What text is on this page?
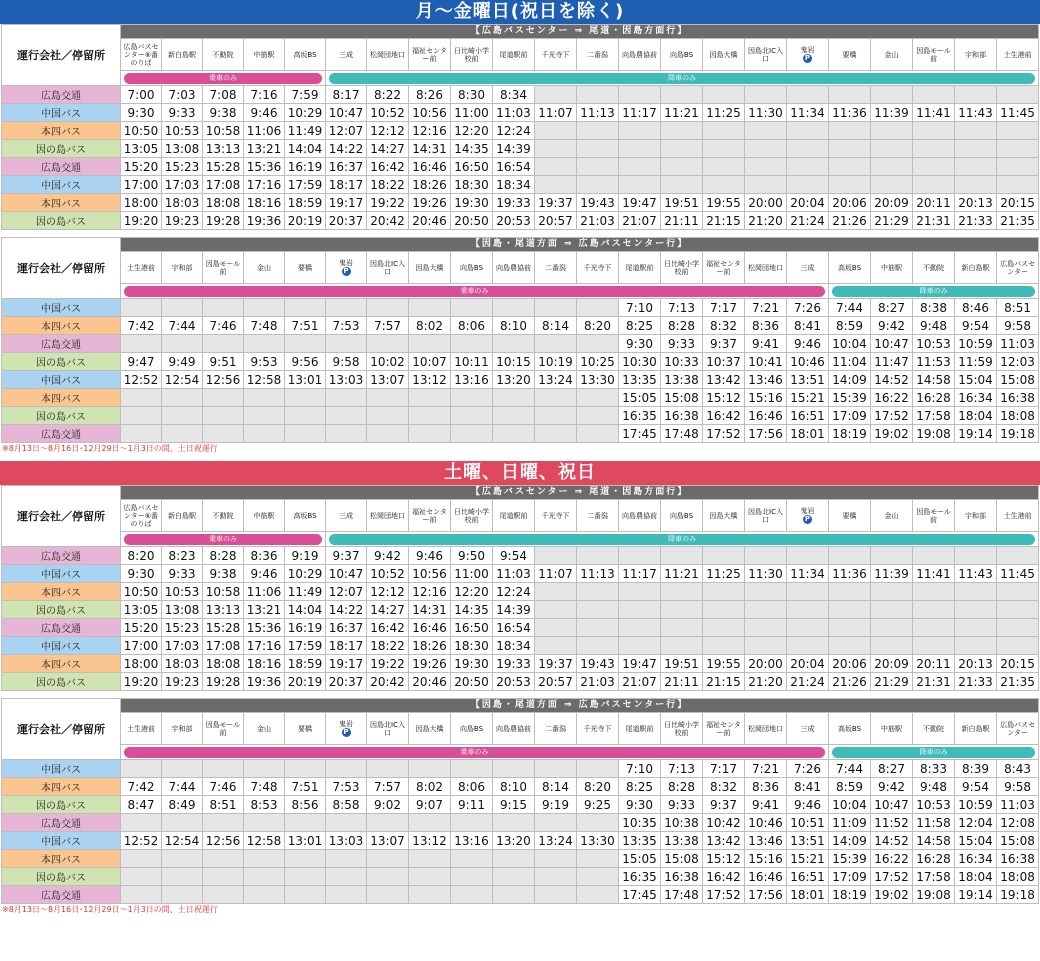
月〜金曜日(祝日を除く)
運行会社／停留所	【広島バスセンター ⇒ 尾道・因島方面行】																					
	広島バスセンター⑥番のりば	新白島駅	不動院	中筋駅	高坂BS	三成	松岡団地口	福祉センター前	日比崎小学校前	尾道駅前	千光寺下	二番潟	向島農協前	向島BS	因島大橋	因島北IC入口	鬼岩
P	要橋	金山	因島モール前	宇和部	土生港前

	乗車のみ					降車のみ																

広島交通	7:00	7:03	7:08	7:16	7:59	8:17	8:22	8:26	8:30	8:34												
中国バス	9:30	9:33	9:38	9:46	10:29	10:47	10:52	10:56	11:00	11:03	11:07	11:13	11:17	11:21	11:25	11:30	11:34	11:36	11:39	11:41	11:43	11:45
本四バス	10:50	10:53	10:58	11:06	11:49	12:07	12:12	12:16	12:20	12:24												
因の島バス	13:05	13:08	13:13	13:21	14:04	14:22	14:27	14:31	14:35	14:39												
広島交通	15:20	15:23	15:28	15:36	16:19	16:37	16:42	16:46	16:50	16:54												
中国バス	17:00	17:03	17:08	17:16	17:59	18:17	18:22	18:26	18:30	18:34												
本四バス	18:00	18:03	18:08	18:16	18:59	19:17	19:22	19:26	19:30	19:33	19:37	19:43	19:47	19:51	19:55	20:00	20:04	20:06	20:09	20:11	20:13	20:15
因の島バス	19:20	19:23	19:28	19:36	20:19	20:37	20:42	20:46	20:50	20:53	20:57	21:03	21:07	21:11	21:15	21:20	21:24	21:26	21:29	21:31	21:33	21:35
運行会社／停留所	【因島・尾道方面 ⇒ 広島バスセンター行】																					
	土生港前	宇和部	因島モール前	金山	要橋	鬼岩
P	因島北IC入口	因島大橋	向島BS	向島農協前	二番潟	千光寺下	尾道駅前	日比崎小学校前	福祉センター前	松岡団地口	三成	高坂BS	中筋駅	不動院	新白島駅	広島バスセンター

	乗車のみ																	降車のみ				

中国バス													7:10	7:13	7:17	7:21	7:26	7:44	8:27	8:38	8:46	8:51
本四バス	7:42	7:44	7:46	7:48	7:51	7:53	7:57	8:02	8:06	8:10	8:14	8:20	8:25	8:28	8:32	8:36	8:41	8:59	9:42	9:48	9:54	9:58
広島交通													9:30	9:33	9:37	9:41	9:46	10:04	10:47	10:53	10:59	11:03
因の島バス	9:47	9:49	9:51	9:53	9:56	9:58	10:02	10:07	10:11	10:15	10:19	10:25	10:30	10:33	10:37	10:41	10:46	11:04	11:47	11:53	11:59	12:03
中国バス	12:52	12:54	12:56	12:58	13:01	13:03	13:07	13:12	13:16	13:20	13:24	13:30	13:35	13:38	13:42	13:46	13:51	14:09	14:52	14:58	15:04	15:08
本四バス													15:05	15:08	15:12	15:16	15:21	15:39	16:22	16:28	16:34	16:38
因の島バス													16:35	16:38	16:42	16:46	16:51	17:09	17:52	17:58	18:04	18:08
広島交通													17:45	17:48	17:52	17:56	18:01	18:19	19:02	19:08	19:14	19:18
※8月13日〜8月16日･12月29日〜1月3日の間、土日祝運行
土曜、日曜、祝日
運行会社／停留所	【広島バスセンター ⇒ 尾道・因島方面行】																					
	広島バスセンター⑥番のりば	新白島駅	不動院	中筋駅	高坂BS	三成	松岡団地口	福祉センター前	日比崎小学校前	尾道駅前	千光寺下	二番潟	向島農協前	向島BS	因島大橋	因島北IC入口	鬼岩
P	要橋	金山	因島モール前	宇和部	土生港前

	乗車のみ					降車のみ																

広島交通	8:20	8:23	8:28	8:36	9:19	9:37	9:42	9:46	9:50	9:54												
中国バス	9:30	9:33	9:38	9:46	10:29	10:47	10:52	10:56	11:00	11:03	11:07	11:13	11:17	11:21	11:25	11:30	11:34	11:36	11:39	11:41	11:43	11:45
本四バス	10:50	10:53	10:58	11:06	11:49	12:07	12:12	12:16	12:20	12:24												
因の島バス	13:05	13:08	13:13	13:21	14:04	14:22	14:27	14:31	14:35	14:39												
広島交通	15:20	15:23	15:28	15:36	16:19	16:37	16:42	16:46	16:50	16:54												
中国バス	17:00	17:03	17:08	17:16	17:59	18:17	18:22	18:26	18:30	18:34												
本四バス	18:00	18:03	18:08	18:16	18:59	19:17	19:22	19:26	19:30	19:33	19:37	19:43	19:47	19:51	19:55	20:00	20:04	20:06	20:09	20:11	20:13	20:15
因の島バス	19:20	19:23	19:28	19:36	20:19	20:37	20:42	20:46	20:50	20:53	20:57	21:03	21:07	21:11	21:15	21:20	21:24	21:26	21:29	21:31	21:33	21:35
運行会社／停留所	【因島・尾道方面 ⇒ 広島バスセンター行】																					
	土生港前	宇和部	因島モール前	金山	要橋	鬼岩
P	因島北IC入口	因島大橋	向島BS	向島農協前	二番潟	千光寺下	尾道駅前	日比崎小学校前	福祉センター前	松岡団地口	三成	高坂BS	中筋駅	不動院	新白島駅	広島バスセンター

	乗車のみ																	降車のみ				

中国バス													7:10	7:13	7:17	7:21	7:26	7:44	8:27	8:33	8:39	8:43
本四バス	7:42	7:44	7:46	7:48	7:51	7:53	7:57	8:02	8:06	8:10	8:14	8:20	8:25	8:28	8:32	8:36	8:41	8:59	9:42	9:48	9:54	9:58
因の島バス	8:47	8:49	8:51	8:53	8:56	8:58	9:02	9:07	9:11	9:15	9:19	9:25	9:30	9:33	9:37	9:41	9:46	10:04	10:47	10:53	10:59	11:03
広島交通													10:35	10:38	10:42	10:46	10:51	11:09	11:52	11:58	12:04	12:08
中国バス	12:52	12:54	12:56	12:58	13:01	13:03	13:07	13:12	13:16	13:20	13:24	13:30	13:35	13:38	13:42	13:46	13:51	14:09	14:52	14:58	15:04	15:08
本四バス													15:05	15:08	15:12	15:16	15:21	15:39	16:22	16:28	16:34	16:38
因の島バス													16:35	16:38	16:42	16:46	16:51	17:09	17:52	17:58	18:04	18:08
広島交通													17:45	17:48	17:52	17:56	18:01	18:19	19:02	19:08	19:14	19:18
※8月13日〜8月16日･12月29日〜1月3日の間、土日祝運行
